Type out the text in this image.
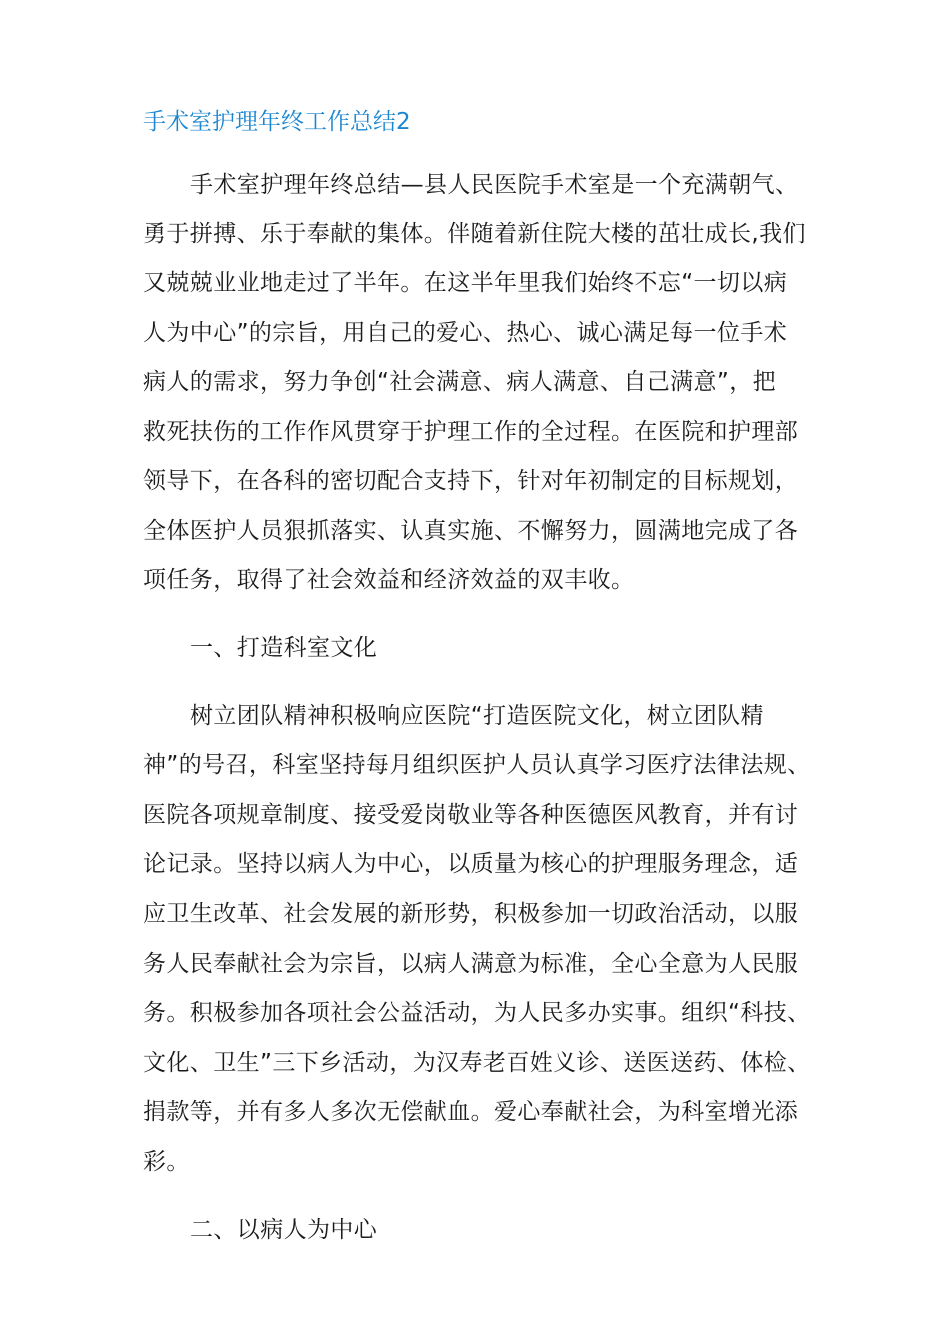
手术室护理年终工作总结2

手术室护理年终总结—县人民医院手术室是一个充满朝气、

勇于拼搏、乐于奉献的集体。伴随着新住院大楼的茁壮成长,我们

又兢兢业业地走过了半年。在这半年里我们始终不忘“一切以病

人为中心”的宗旨，用自己的爱心、热心、诚心满足每一位手术

病人的需求，努力争创“社会满意、病人满意、自己满意”，把

救死扶伤的工作作风贯穿于护理工作的全过程。在医院和护理部

领导下，在各科的密切配合支持下，针对年初制定的目标规划，

全体医护人员狠抓落实、认真实施、不懈努力，圆满地完成了各

项任务，取得了社会效益和经济效益的双丰收。

一、打造科室文化

树立团队精神积极响应医院“打造医院文化，树立团队精

神”的号召，科室坚持每月组织医护人员认真学习医疗法律法规、

医院各项规章制度、接受爱岗敬业等各种医德医风教育，并有讨

论记录。坚持以病人为中心，以质量为核心的护理服务理念，适

应卫生改革、社会发展的新形势，积极参加一切政治活动，以服

务人民奉献社会为宗旨，以病人满意为标准，全心全意为人民服

务。积极参加各项社会公益活动，为人民多办实事。组织“科技、

文化、卫生”三下乡活动，为汉寿老百姓义诊、送医送药、体检、

捐款等，并有多人多次无偿献血。爱心奉献社会，为科室增光添

彩。

二、以病人为中心
